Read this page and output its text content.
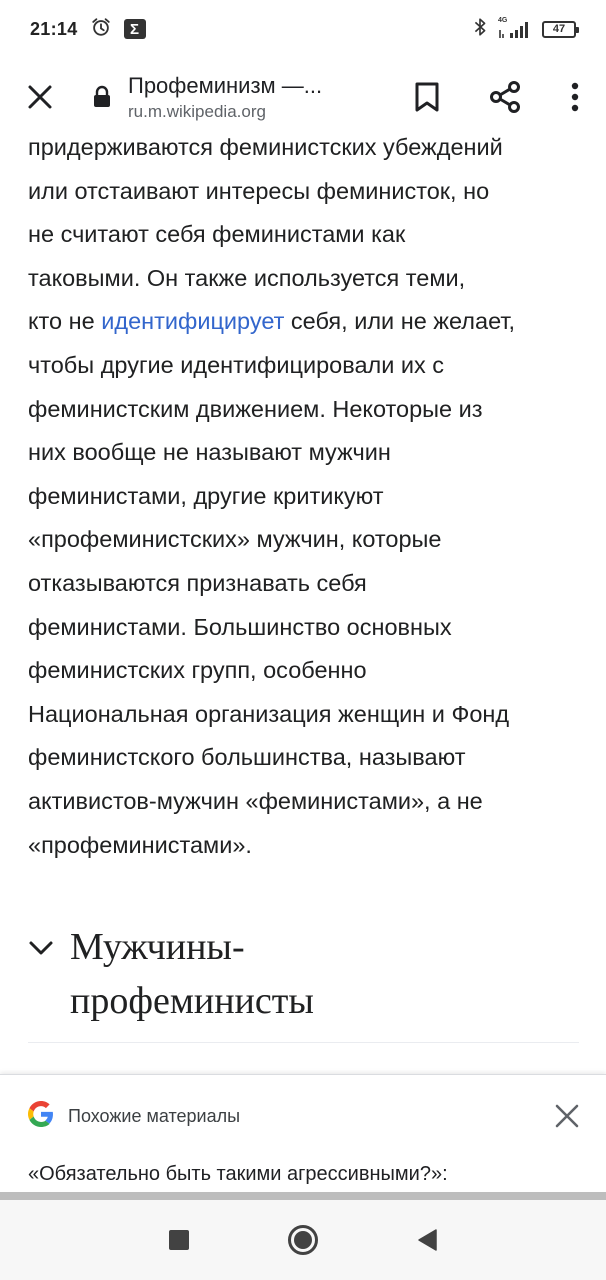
21:14	Σ	4G
47
Профеминизм —...
ru.m.wikipedia.org
придерживаются феминистских убеждений
или отстаивают интересы феминисток, но
не считают себя феминистами как
таковыми. Он также используется теми,
кто не идентифицирует себя, или не желает,
чтобы другие идентифицировали их с
феминистским движением. Некоторые из
них вообще не называют мужчин
феминистами, другие критикуют
«профеминистских» мужчин, которые
отказываются признавать себя
феминистами. Большинство основных
феминистских групп, особенно
Национальная организация женщин и Фонд
феминистского большинства, называют
активистов-мужчин «феминистами», а не
«профеминистами».
Мужчины-
профеминисты
Похожие материалы
«Обязательно быть такими агрессивными?»:
